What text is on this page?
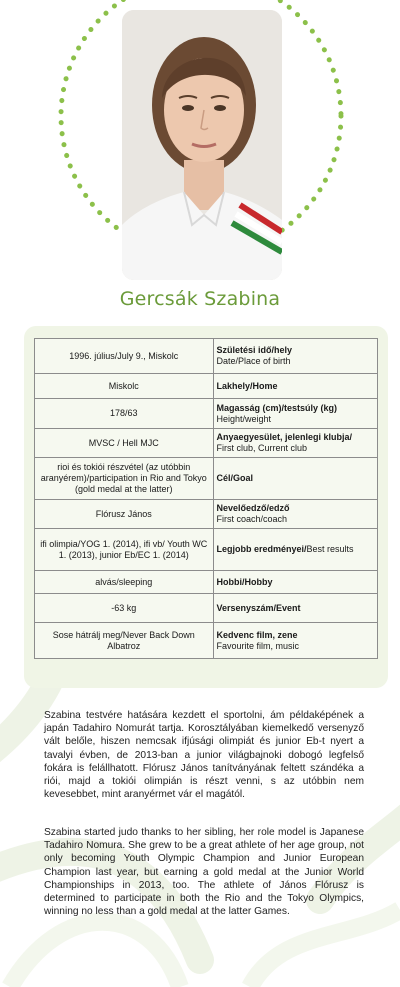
Gercsák Szabina
1996. július/July 9., Miskolc	Születési idő/hely
Date/Place of birth
Miskolc	Lakhely/Home
178/63	Magasság (cm)/testsúly (kg)
Height/weight
MVSC / Hell MJC	Anyaegyesület, jelenlegi klubja/
First club, Current club
rioi és tokiói részvétel (az utóbbin aranyérem)/participation in Rio and Tokyo (gold medal at the latter)	Cél/Goal
Flórusz János	Nevelőedző/edző
First coach/coach
ifi olimpia/YOG 1. (2014), ifi vb/ Youth WC 1. (2013), junior Eb/EC 1. (2014)	Legjobb eredményei/Best results
alvás/sleeping	Hobbi/Hobby
-63 kg	Versenyszám/Event
Sose hátrálj meg/Never Back Down Albatroz	Kedvenc film, zene
Favourite film, music
Szabina testvére hatására kezdett el sportolni, ám példaképének a japán Tadahiro Nomurát tartja. Korosztályában kiemelkedő versenyző vált belőle, hiszen nemcsak ifjúsági olimpiát és junior Eb-t nyert a tavalyi évben, de 2013-ban a junior világbajnoki dobogó legfelső fokára is felállhatott. Flórusz János tanítványának feltett szándéka a riói, majd a tokiói olimpián is részt venni, s az utóbbin nem kevesebbet, mint aranyérmet vár el magától.
Szabina started judo thanks to her sibling, her role model is Japanese Tadahiro Nomura. She grew to be a great athlete of her age group, not only becoming Youth Olympic Champion and Junior European Champion last year, but earning a gold medal at the Junior World Championships in 2013, too. The athlete of János Flórusz is determined to participate in both the Rio and the Tokyo Olympics, winning no less than a gold medal at the latter Games.
